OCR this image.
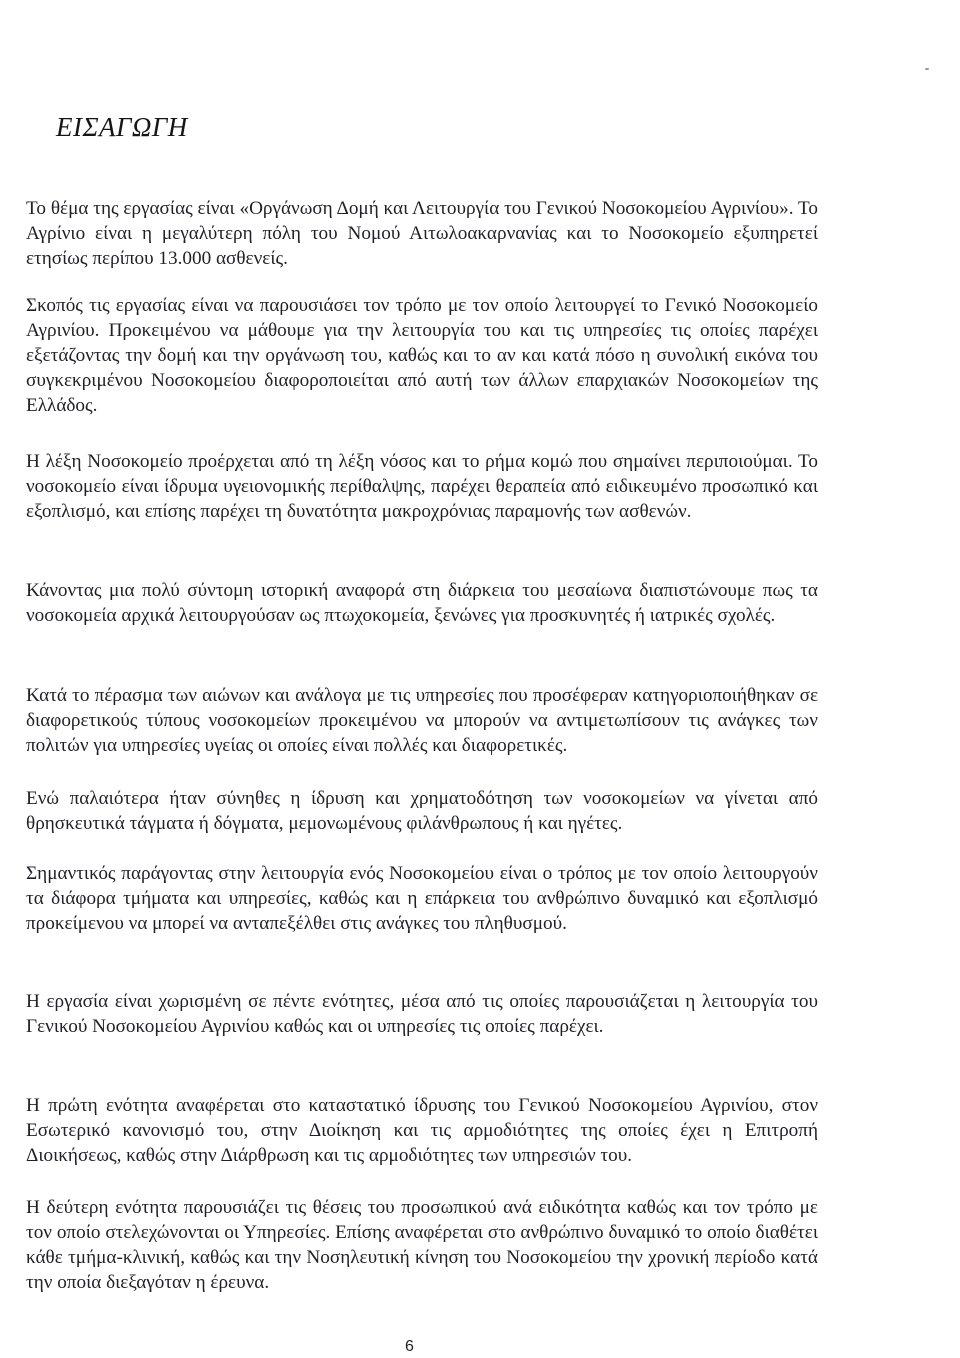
ΕΙΣΑΓΩΓΗ

Το θέμα της εργασίας είναι «Οργάνωση Δομή και Λειτουργία του Γενικού Νοσοκομείου Αγρινίου». Το Αγρίνιο είναι η μεγαλύτερη πόλη του Νομού Αιτωλοακαρνανίας και το Νοσοκομείο εξυπηρετεί ετησίως περίπου 13.000 ασθενείς.

Σκοπός τις εργασίας είναι να παρουσιάσει τον τρόπο με τον οποίο λειτουργεί το Γενικό Νοσοκομείο Αγρινίου. Προκειμένου να μάθουμε για την λειτουργία του και τις υπηρεσίες τις οποίες παρέχει εξετάζοντας την δομή και την οργάνωση του, καθώς και το αν και κατά πόσο η συνολική εικόνα του συγκεκριμένου Νοσοκομείου διαφοροποιείται από αυτή των άλλων επαρχιακών Νοσοκομείων της Ελλάδος.

Η λέξη Νοσοκομείο προέρχεται από τη λέξη νόσος και το ρήμα κομώ που σημαίνει περιποιούμαι. Το νοσοκομείο είναι ίδρυμα υγειονομικής περίθαλψης, παρέχει θεραπεία από ειδικευμένο προσωπικό και εξοπλισμό, και επίσης παρέχει τη δυνατότητα μακροχρόνιας παραμονής των ασθενών.

Κάνοντας μια πολύ σύντομη ιστορική αναφορά στη διάρκεια του μεσαίωνα διαπιστώνουμε πως τα νοσοκομεία αρχικά λειτουργούσαν ως πτωχοκομεία, ξενώνες για προσκυνητές ή ιατρικές σχολές.

Κατά το πέρασμα των αιώνων και ανάλογα με τις υπηρεσίες που προσέφεραν κατηγοριοποιήθηκαν σε διαφορετικούς τύπους νοσοκομείων προκειμένου να μπορούν να αντιμετωπίσουν τις ανάγκες των πολιτών για υπηρεσίες υγείας οι οποίες είναι πολλές και διαφορετικές.

Ενώ παλαιότερα ήταν σύνηθες η ίδρυση και χρηματοδότηση των νοσοκομείων να γίνεται από θρησκευτικά τάγματα ή δόγματα, μεμονωμένους φιλάνθρωπους ή και ηγέτες.

Σημαντικός παράγοντας στην λειτουργία ενός Νοσοκομείου είναι ο τρόπος με τον οποίο λειτουργούν τα διάφορα τμήματα και υπηρεσίες, καθώς και η επάρκεια του ανθρώπινο δυναμικό και εξοπλισμό προκείμενου να μπορεί να ανταπεξέλθει στις ανάγκες του πληθυσμού.

Η εργασία είναι χωρισμένη σε πέντε ενότητες, μέσα από τις οποίες παρουσιάζεται η λειτουργία του Γενικού Νοσοκομείου Αγρινίου καθώς και οι υπηρεσίες τις οποίες παρέχει.

Η πρώτη ενότητα αναφέρεται στο καταστατικό ίδρυσης του Γενικού Νοσοκομείου Αγρινίου, στον Εσωτερικό κανονισμό του, στην Διοίκηση και τις αρμοδιότητες της οποίες έχει η Επιτροπή Διοικήσεως, καθώς στην Διάρθρωση και τις αρμοδιότητες των υπηρεσιών του.

Η δεύτερη ενότητα παρουσιάζει τις θέσεις του προσωπικού ανά ειδικότητα καθώς και τον τρόπο με τον οποίο στελεχώνονται οι Υπηρεσίες. Επίσης αναφέρεται στο ανθρώπινο δυναμικό το οποίο διαθέτει κάθε τμήμα-κλινική, καθώς και την Νοσηλευτική κίνηση του Νοσοκομείου την χρονική περίοδο κατά την οποία διεξαγόταν η έρευνα.

6
